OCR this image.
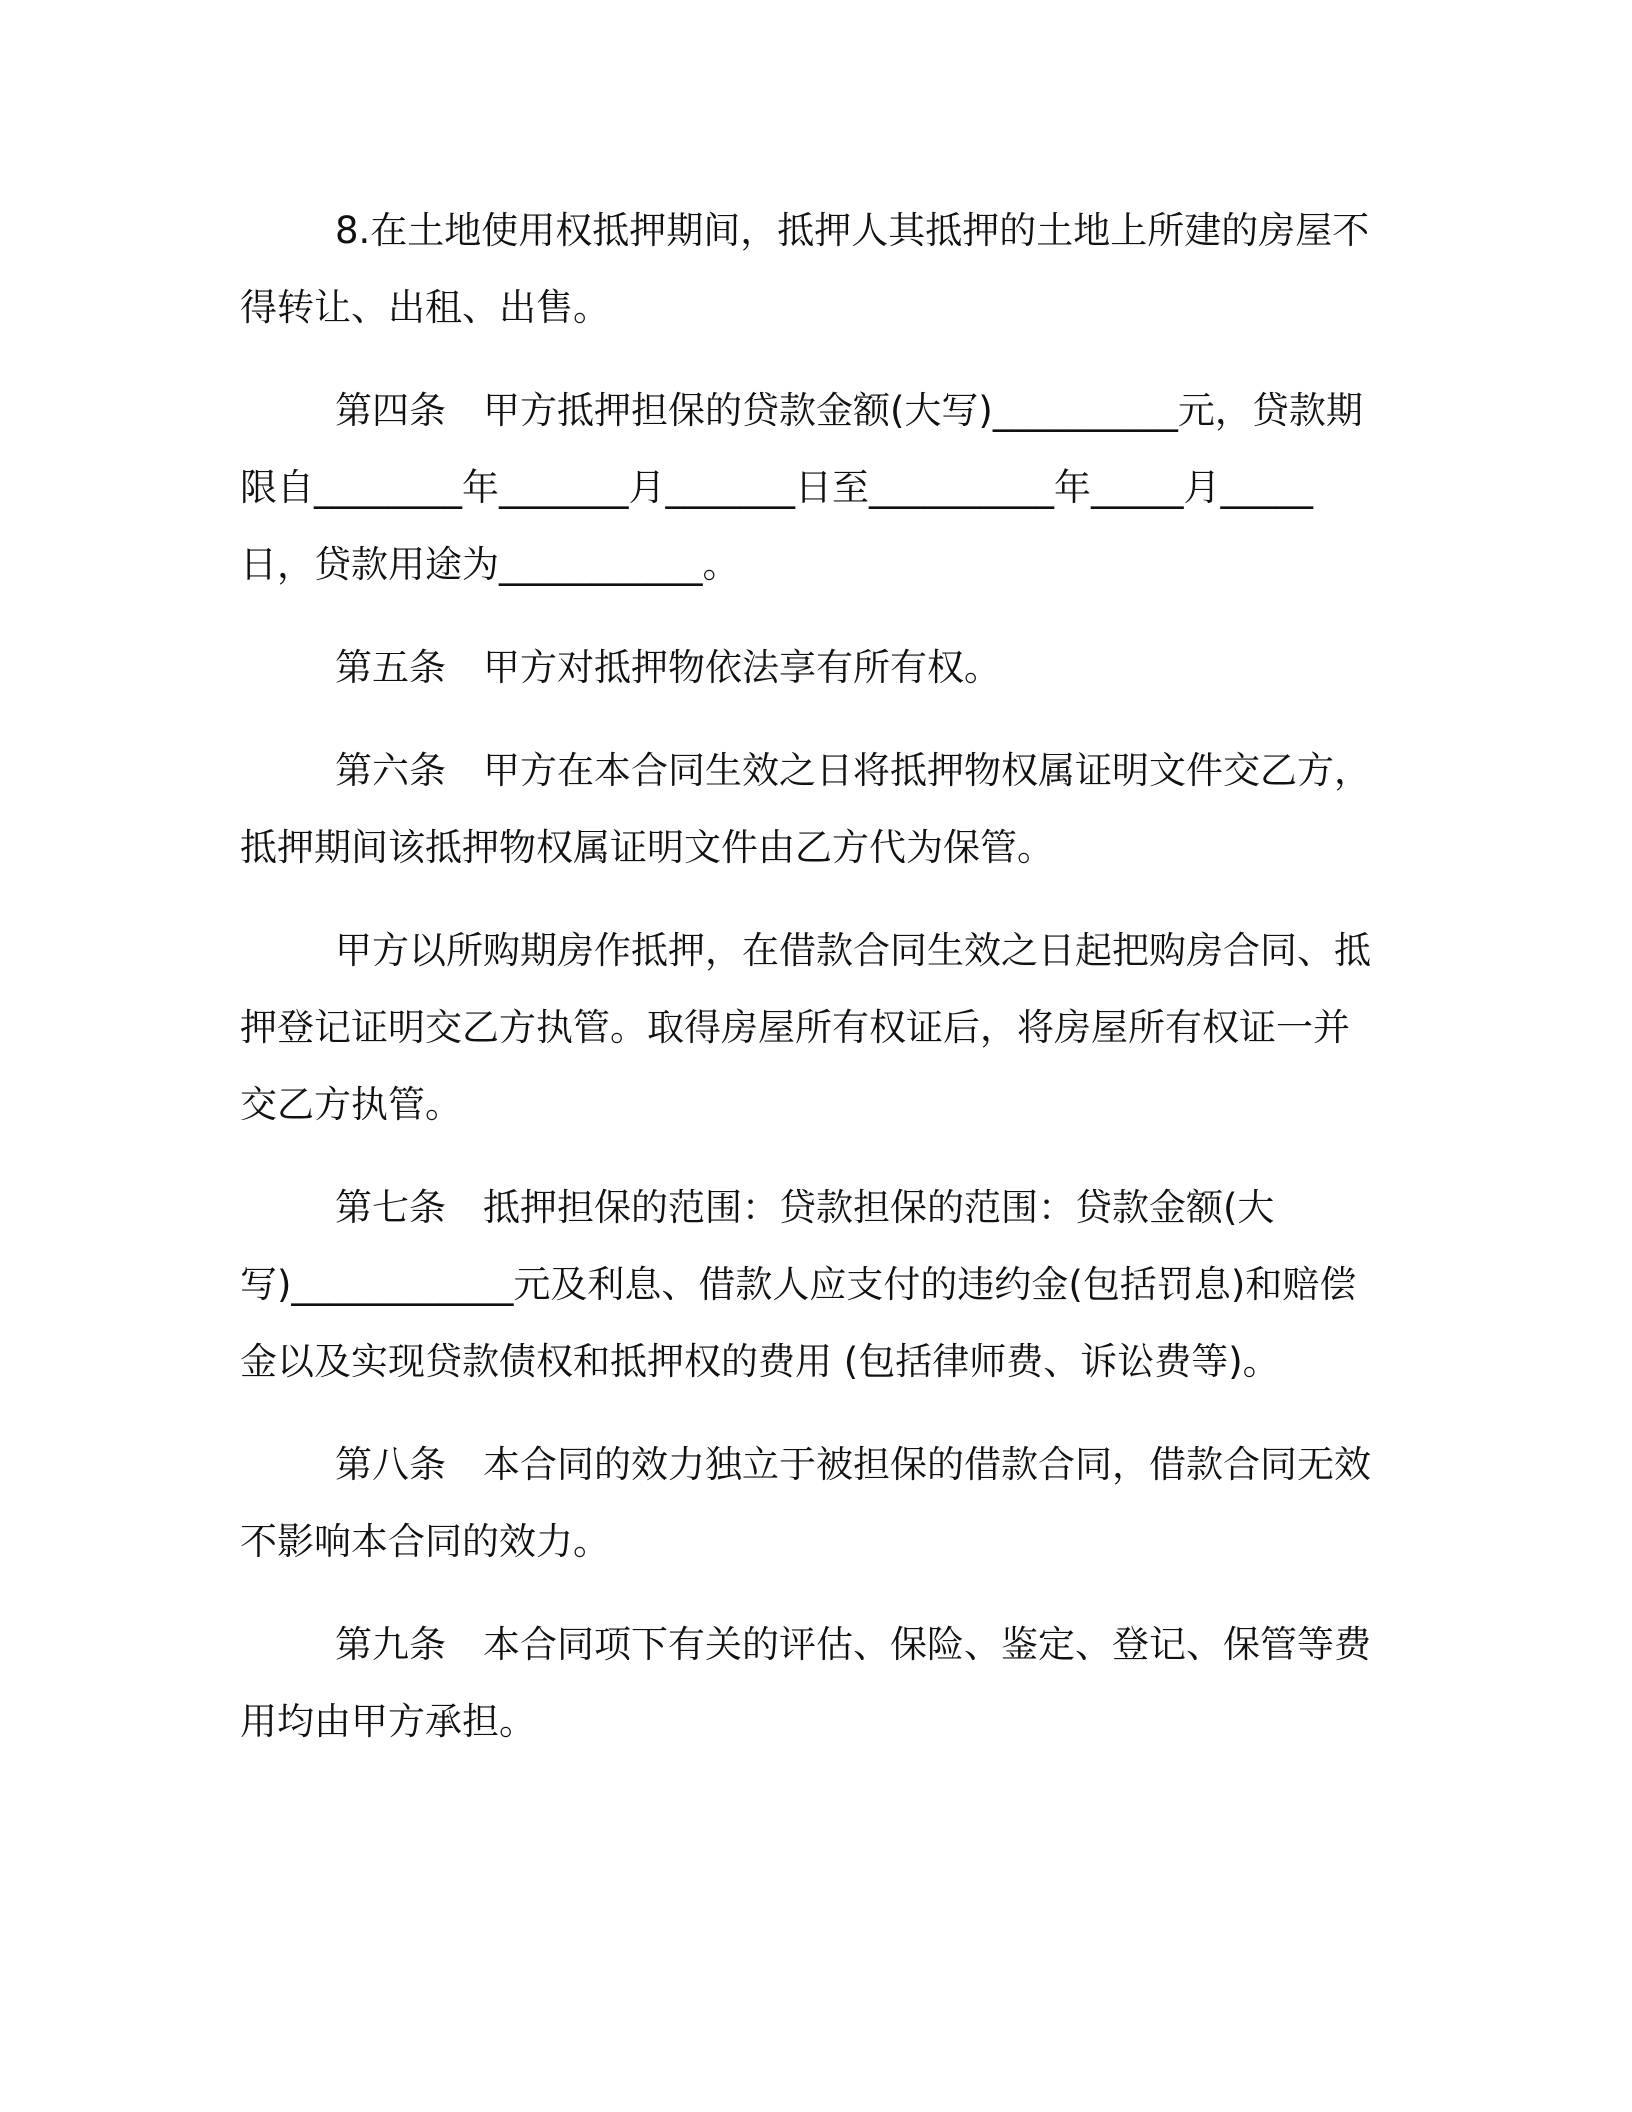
8.在土地使用权抵押期间，抵押人其抵押的土地上所建的房屋不得转让、出租、出售。

第四条　甲方抵押担保的贷款金额(大写)__________元，贷款期限自________年_______月_______日至__________年_____月_____日，贷款用途为___________。

第五条　甲方对抵押物依法享有所有权。

第六条　甲方在本合同生效之日将抵押物权属证明文件交乙方，抵押期间该抵押物权属证明文件由乙方代为保管。

甲方以所购期房作抵押，在借款合同生效之日起把购房合同、抵押登记证明交乙方执管。取得房屋所有权证后，将房屋所有权证一并交乙方执管。

第七条　抵押担保的范围：贷款担保的范围：贷款金额(大写)____________元及利息、借款人应支付的违约金(包括罚息)和赔偿金以及实现贷款债权和抵押权的费用 (包括律师费、诉讼费等)。

第八条　本合同的效力独立于被担保的借款合同，借款合同无效不影响本合同的效力。

第九条　本合同项下有关的评估、保险、鉴定、登记、保管等费用均由甲方承担。
